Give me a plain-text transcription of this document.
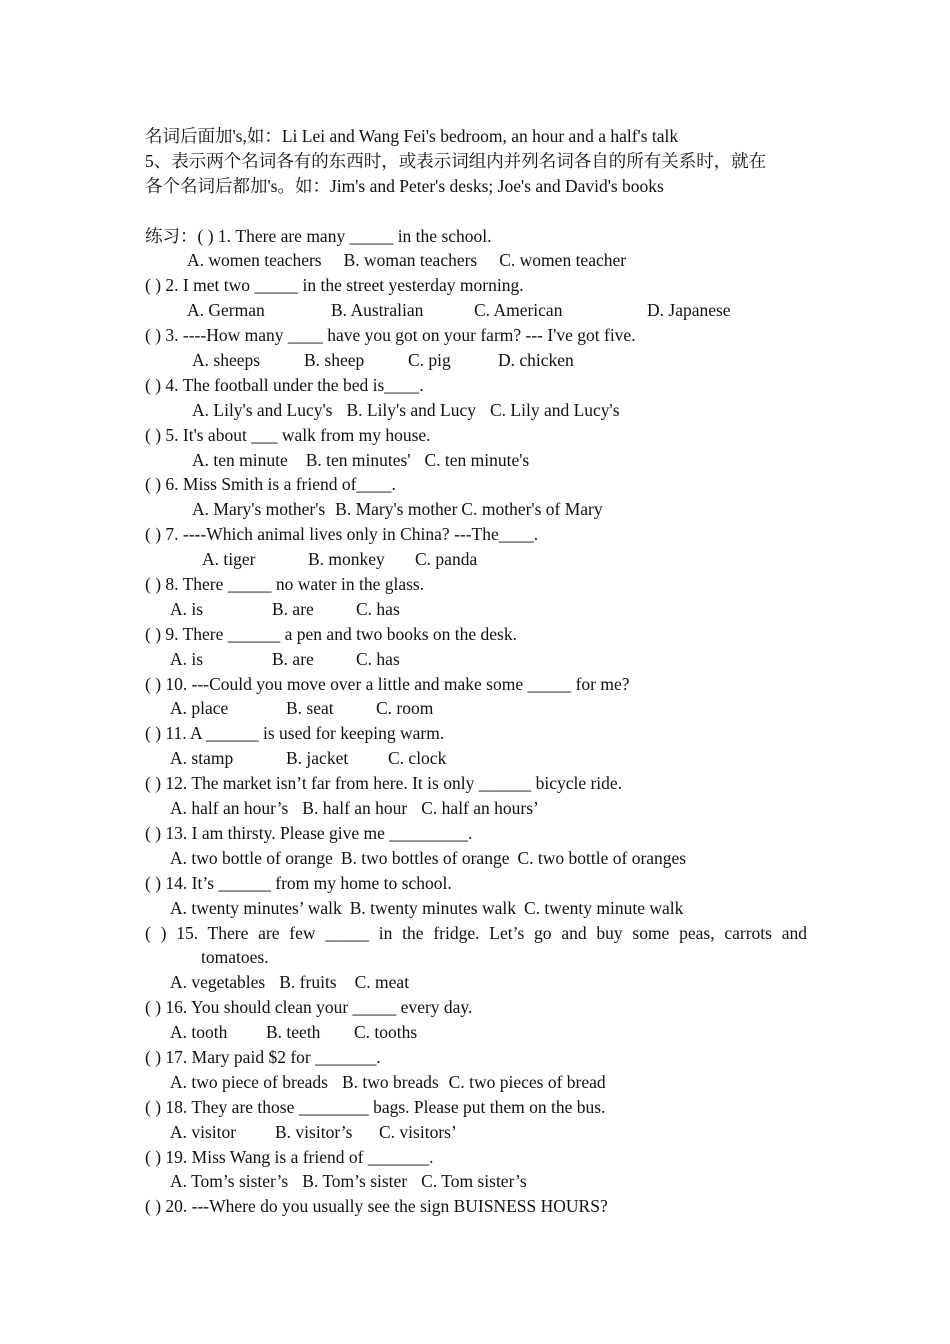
名词后面加's,如：Li Lei and Wang Fei's bedroom, an hour and a half's talk
5、表示两个名词各有的东西时，或表示词组内并列名词各自的所有关系时，就在
各个名词后都加's。如：Jim's and Peter's desks; Joe's and David's books
练习：( ) 1. There are many _____ in the school.
A. women teachers B. woman teachers C. women teacher
( ) 2. I met two _____ in the street yesterday morning.
A. German	B. Australian	C. American	D. Japanese
( ) 3. ----How many ____ have you got on your farm? --- I've got five.
A. sheeps	B. sheep C. pig	D. chicken
( ) 4. The football under the bed is____.
A. Lily's and Lucy's B. Lily's and Lucy C. Lily and Lucy's
( ) 5. It's about ___ walk from my house.
A. ten minute B. ten minutes' C. ten minute's
( ) 6. Miss Smith is a friend of____.
A. Mary's mother's B. Mary's mother C. mother's of Mary
( ) 7. ----Which animal lives only in China? ---The____.
A. tiger	B. monkey C. panda
( ) 8. There _____ no water in the glass.
A. is	B. are C. has
( ) 9. There ______ a pen and two books on the desk.
A. is	B. are C. has
( ) 10. ---Could you move over a little and make some _____ for me?
A. place	B. seat C. room
( ) 11. A ______ is used for keeping warm.
A. stamp	B. jacket C. clock
( ) 12. The market isn’t far from here. It is only ______ bicycle ride.
A. half an hour’s B. half an hour C. half an hours’
( ) 13. I am thirsty. Please give me _________.
A. two bottle of orange B. two bottles of orange C. two bottle of oranges
( ) 14. It’s ______ from my home to school.
A. twenty minutes’ walk B. twenty minutes walk C. twenty minute walk
( ) 15. There are few _____ in the fridge. Let’s go and buy some peas, carrots and
tomatoes.
A. vegetables B. fruits C. meat
( ) 16. You should clean your _____ every day.
A. tooth B. teeth C. tooths
( ) 17. Mary paid $2 for _______.
A. two piece of breads B. two breads C. two pieces of bread
( ) 18. They are those ________ bags. Please put them on the bus.
A. visitor B. visitor’s C. visitors’
( ) 19. Miss Wang is a friend of _______.
A. Tom’s sister’s B. Tom’s sister C. Tom sister’s
( ) 20. ---Where do you usually see the sign BUISNESS HOURS?
